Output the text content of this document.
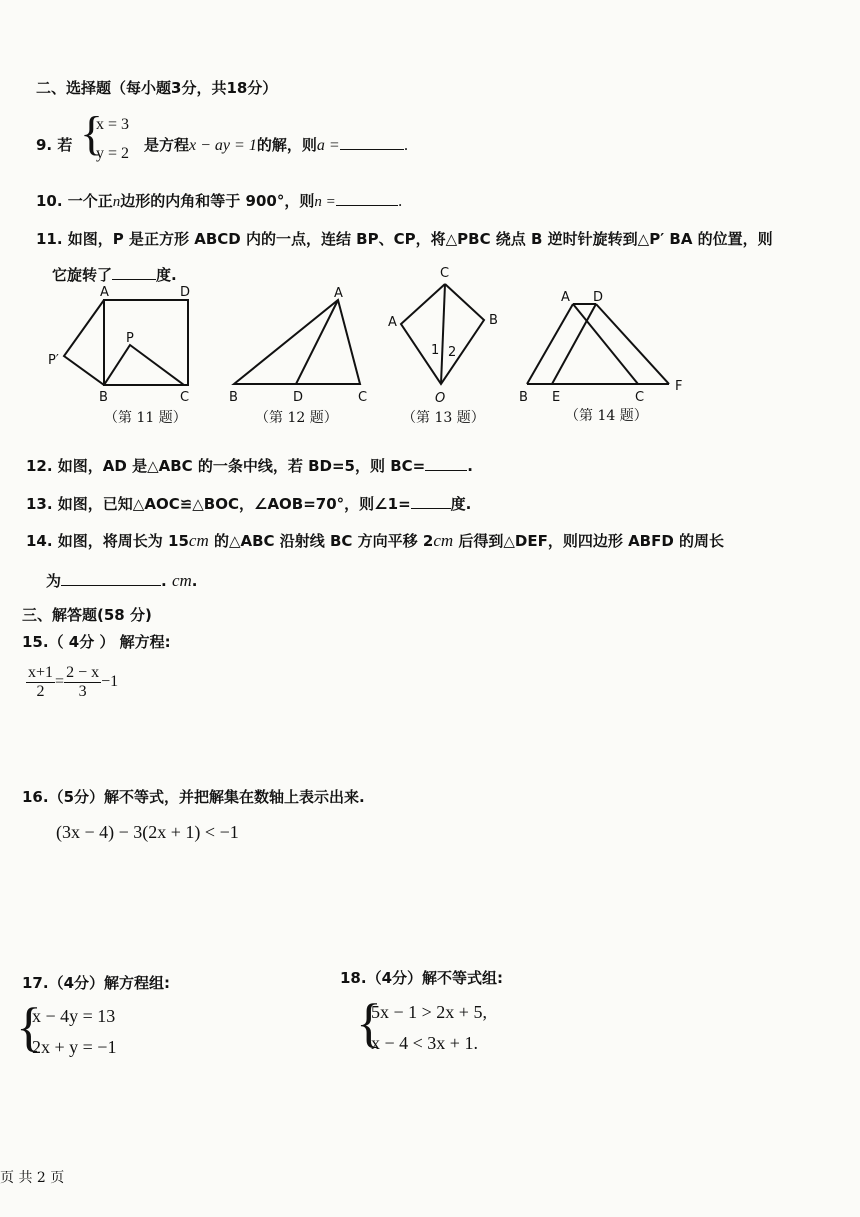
二、选择题（每小题3分，共18分）
9. 若 {
x = 3
y = 2 是方程x − ay = 1的解，则a =	.
10. 一个正n边形的内角和等于 900°，则n =	.
11. 如图，P 是正方形 ABCD 内的一点，连结 BP、CP，将△PBC 绕点 B 逆时针旋转到△P′ BA 的位置，则
它旋转了	度.
A	D
P
P′
B	C
（第 11 题）
A
B	D	C
（第 12 题）
C
A	B
O
1 2
（第 13 题）
A D
B E	C
F
（第 14 题）
12. 如图，AD 是△ABC 的一条中线，若 BD=5，则 BC=	.
13. 如图，已知△AOC≌△BOC，∠AOB=70°，则∠1=	度.
14. 如图，将周长为 15cm 的△ABC 沿射线 BC 方向平移 2cm 后得到△DEF，则四边形 ABFD 的周长
为	. cm.
三、解答题(58 分)
15.（ 4分 ） 解方程:
$\frac{x+1}{2} = \frac{2 - x}{3} -1$
16.（5分）解不等式，并把解集在数轴上表示出来.
(3x − 4) − 3(2x + 1) < −1
17.（4分）解方程组:
{
x − 4y = 13
2x + y = −1
18.（4分）解不等式组:
{
5x − 1 > 2x + 5,
x − 4 < 3x + 1.
页 共 2 页
